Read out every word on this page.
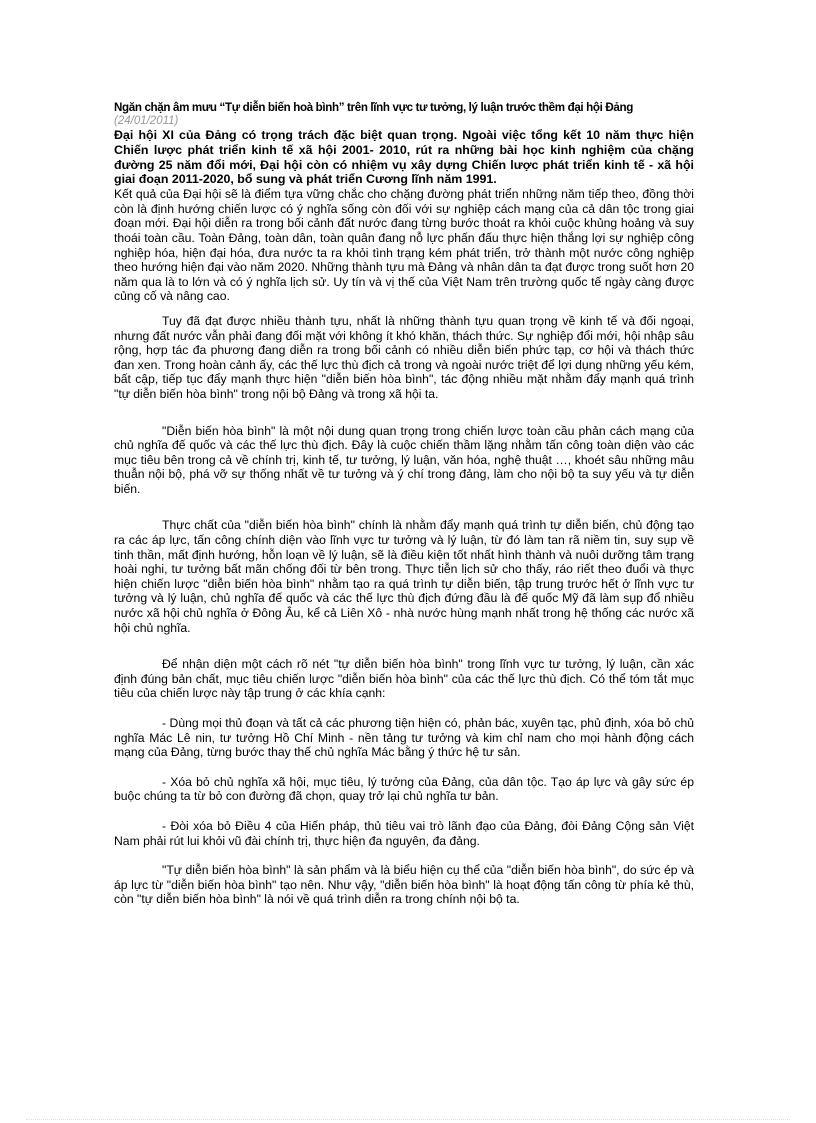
Ngăn chặn âm mưu “Tự diễn biến hoà bình” trên lĩnh vực tư tưởng, lý luận trước thềm đại hội Đảng
(24/01/2011)

Đại hội XI của Đảng có trọng trách đặc biệt quan trọng. Ngoài việc tổng kết 10 năm thực hiện Chiến lược phát triển kinh tế xã hội 2001- 2010, rút ra những bài học kinh nghiệm của chặng đường 25 năm đổi mới, Đại hội còn có nhiệm vụ xây dựng Chiến lược phát triển kinh tế - xã hội giai đoạn 2011-2020, bổ sung và phát triển Cương lĩnh năm 1991.

Kết quả của Đại hội sẽ là điểm tựa vững chắc cho chặng đường phát triển những năm tiếp theo, đồng thời còn là định hướng chiến lược có ý nghĩa sống còn đối với sự nghiệp cách mạng của cả dân tộc trong giai đoạn mới. Đại hội diễn ra trong bối cảnh đất nước đang từng bước thoát ra khỏi cuộc khủng hoảng và suy thoái toàn cầu. Toàn Đảng, toàn dân, toàn quân đang nỗ lực phấn đấu thực hiện thắng lợi sự nghiệp công nghiệp hóa, hiện đại hóa, đưa nước ta ra khỏi tình trạng kém phát triển, trở thành một nước công nghiệp theo hướng hiện đại vào năm 2020. Những thành tựu mà Đảng và nhân dân ta đạt được trong suốt hơn 20 năm qua là to lớn và có ý nghĩa lịch sử. Uy tín và vị thế của Việt Nam trên trường quốc tế ngày càng được củng cố và nâng cao.

Tuy đã đạt được nhiều thành tựu, nhất là những thành tựu quan trọng về kinh tế và đối ngoại, nhưng đất nước vẫn phải đang đối mặt với không ít khó khăn, thách thức. Sự nghiệp đổi mới, hội nhập sâu rộng, hợp tác đa phương đang diễn ra trong bối cảnh có nhiều diễn biến phức tạp, cơ hội và thách thức đan xen. Trong hoàn cảnh ấy, các thế lực thù địch cả trong và ngoài nước triệt để lợi dụng những yếu kém, bất cập, tiếp tục đẩy mạnh thực hiện "diễn biến hòa bình", tác động nhiều mặt nhằm đẩy mạnh quá trình "tự diễn biến hòa bình" trong nội bộ Đảng và trong xã hội ta.

"Diễn biến hòa bình" là một nội dung quan trọng trong chiến lược toàn cầu phản cách mạng của chủ nghĩa đế quốc và các thế lực thù địch. Đây là cuộc chiến thầm lặng nhằm tấn công toàn diện vào các mục tiêu bên trong cả về chính trị, kinh tế, tư tưởng, lý luận, văn hóa, nghệ thuật …, khoét sâu những mâu thuẫn nội bộ, phá vỡ sự thống nhất về tư tưởng và ý chí trong đảng, làm cho nội bộ ta suy yếu và tự diễn biến.

Thực chất của "diễn biến hòa bình" chính là nhằm đẩy mạnh quá trình tự diễn biến, chủ động tạo ra các áp lực, tấn công chính diện vào lĩnh vực tư tưởng và lý luận, từ đó làm tan rã niềm tin, suy sụp về tinh thần, mất định hướng, hỗn loạn về lý luận, sẽ là điều kiện tốt nhất hình thành và nuôi dưỡng tâm trạng hoài nghi, tư tưởng bất mãn chống đối từ bên trong. Thực tiễn lịch sử cho thấy, ráo riết theo đuổi và thực hiện chiến lược "diễn biến hòa bình" nhằm tạo ra quá trình tự diễn biến, tập trung trước hết ở lĩnh vực tư tưởng và lý luận, chủ nghĩa đế quốc và các thế lực thù địch đứng đầu là đế quốc Mỹ đã làm sụp đổ nhiều nước xã hội chủ nghĩa ở Đông Âu, kể cả Liên Xô - nhà nước hùng mạnh nhất trong hệ thống các nước xã hội chủ nghĩa.

Để nhận diện một cách rõ nét "tự diễn biến hòa bình" trong lĩnh vực tư tưởng, lý luận, cần xác định đúng bản chất, mục tiêu chiến lược "diễn biến hòa bình" của các thế lực thù địch. Có thể tóm tắt mục tiêu của chiến lược này tập trung ở các khía cạnh:

- Dùng mọi thủ đoạn và tất cả các phương tiện hiện có, phản bác, xuyên tạc, phủ định, xóa bỏ chủ nghĩa Mác Lê nin, tư tưởng Hồ Chí Minh - nền tảng tư tưởng và kim chỉ nam cho mọi hành động cách mạng của Đảng, từng bước thay thế chủ nghĩa Mác bằng ý thức hệ tư sản.

- Xóa bỏ chủ nghĩa xã hội, mục tiêu, lý tưởng của Đảng, của dân tộc. Tạo áp lực và gây sức ép buộc chúng ta từ bỏ con đường đã chọn, quay trở lại chủ nghĩa tư bản.

- Đòi xóa bỏ Điều 4 của Hiến pháp, thủ tiêu vai trò lãnh đạo của Đảng, đòi Đảng Cộng sản Việt Nam phải rút lui khỏi vũ đài chính trị, thực hiện đa nguyên, đa đảng.

"Tự diễn biến hòa bình" là sản phẩm và là biểu hiện cụ thể của "diễn biến hòa bình", do sức ép và áp lực từ "diễn biến hòa bình" tạo nên. Như vậy, "diễn biến hòa bình" là hoạt động tấn công từ phía kẻ thù, còn "tự diễn biến hòa bình" là nói về quá trình diễn ra trong chính nội bộ ta.
